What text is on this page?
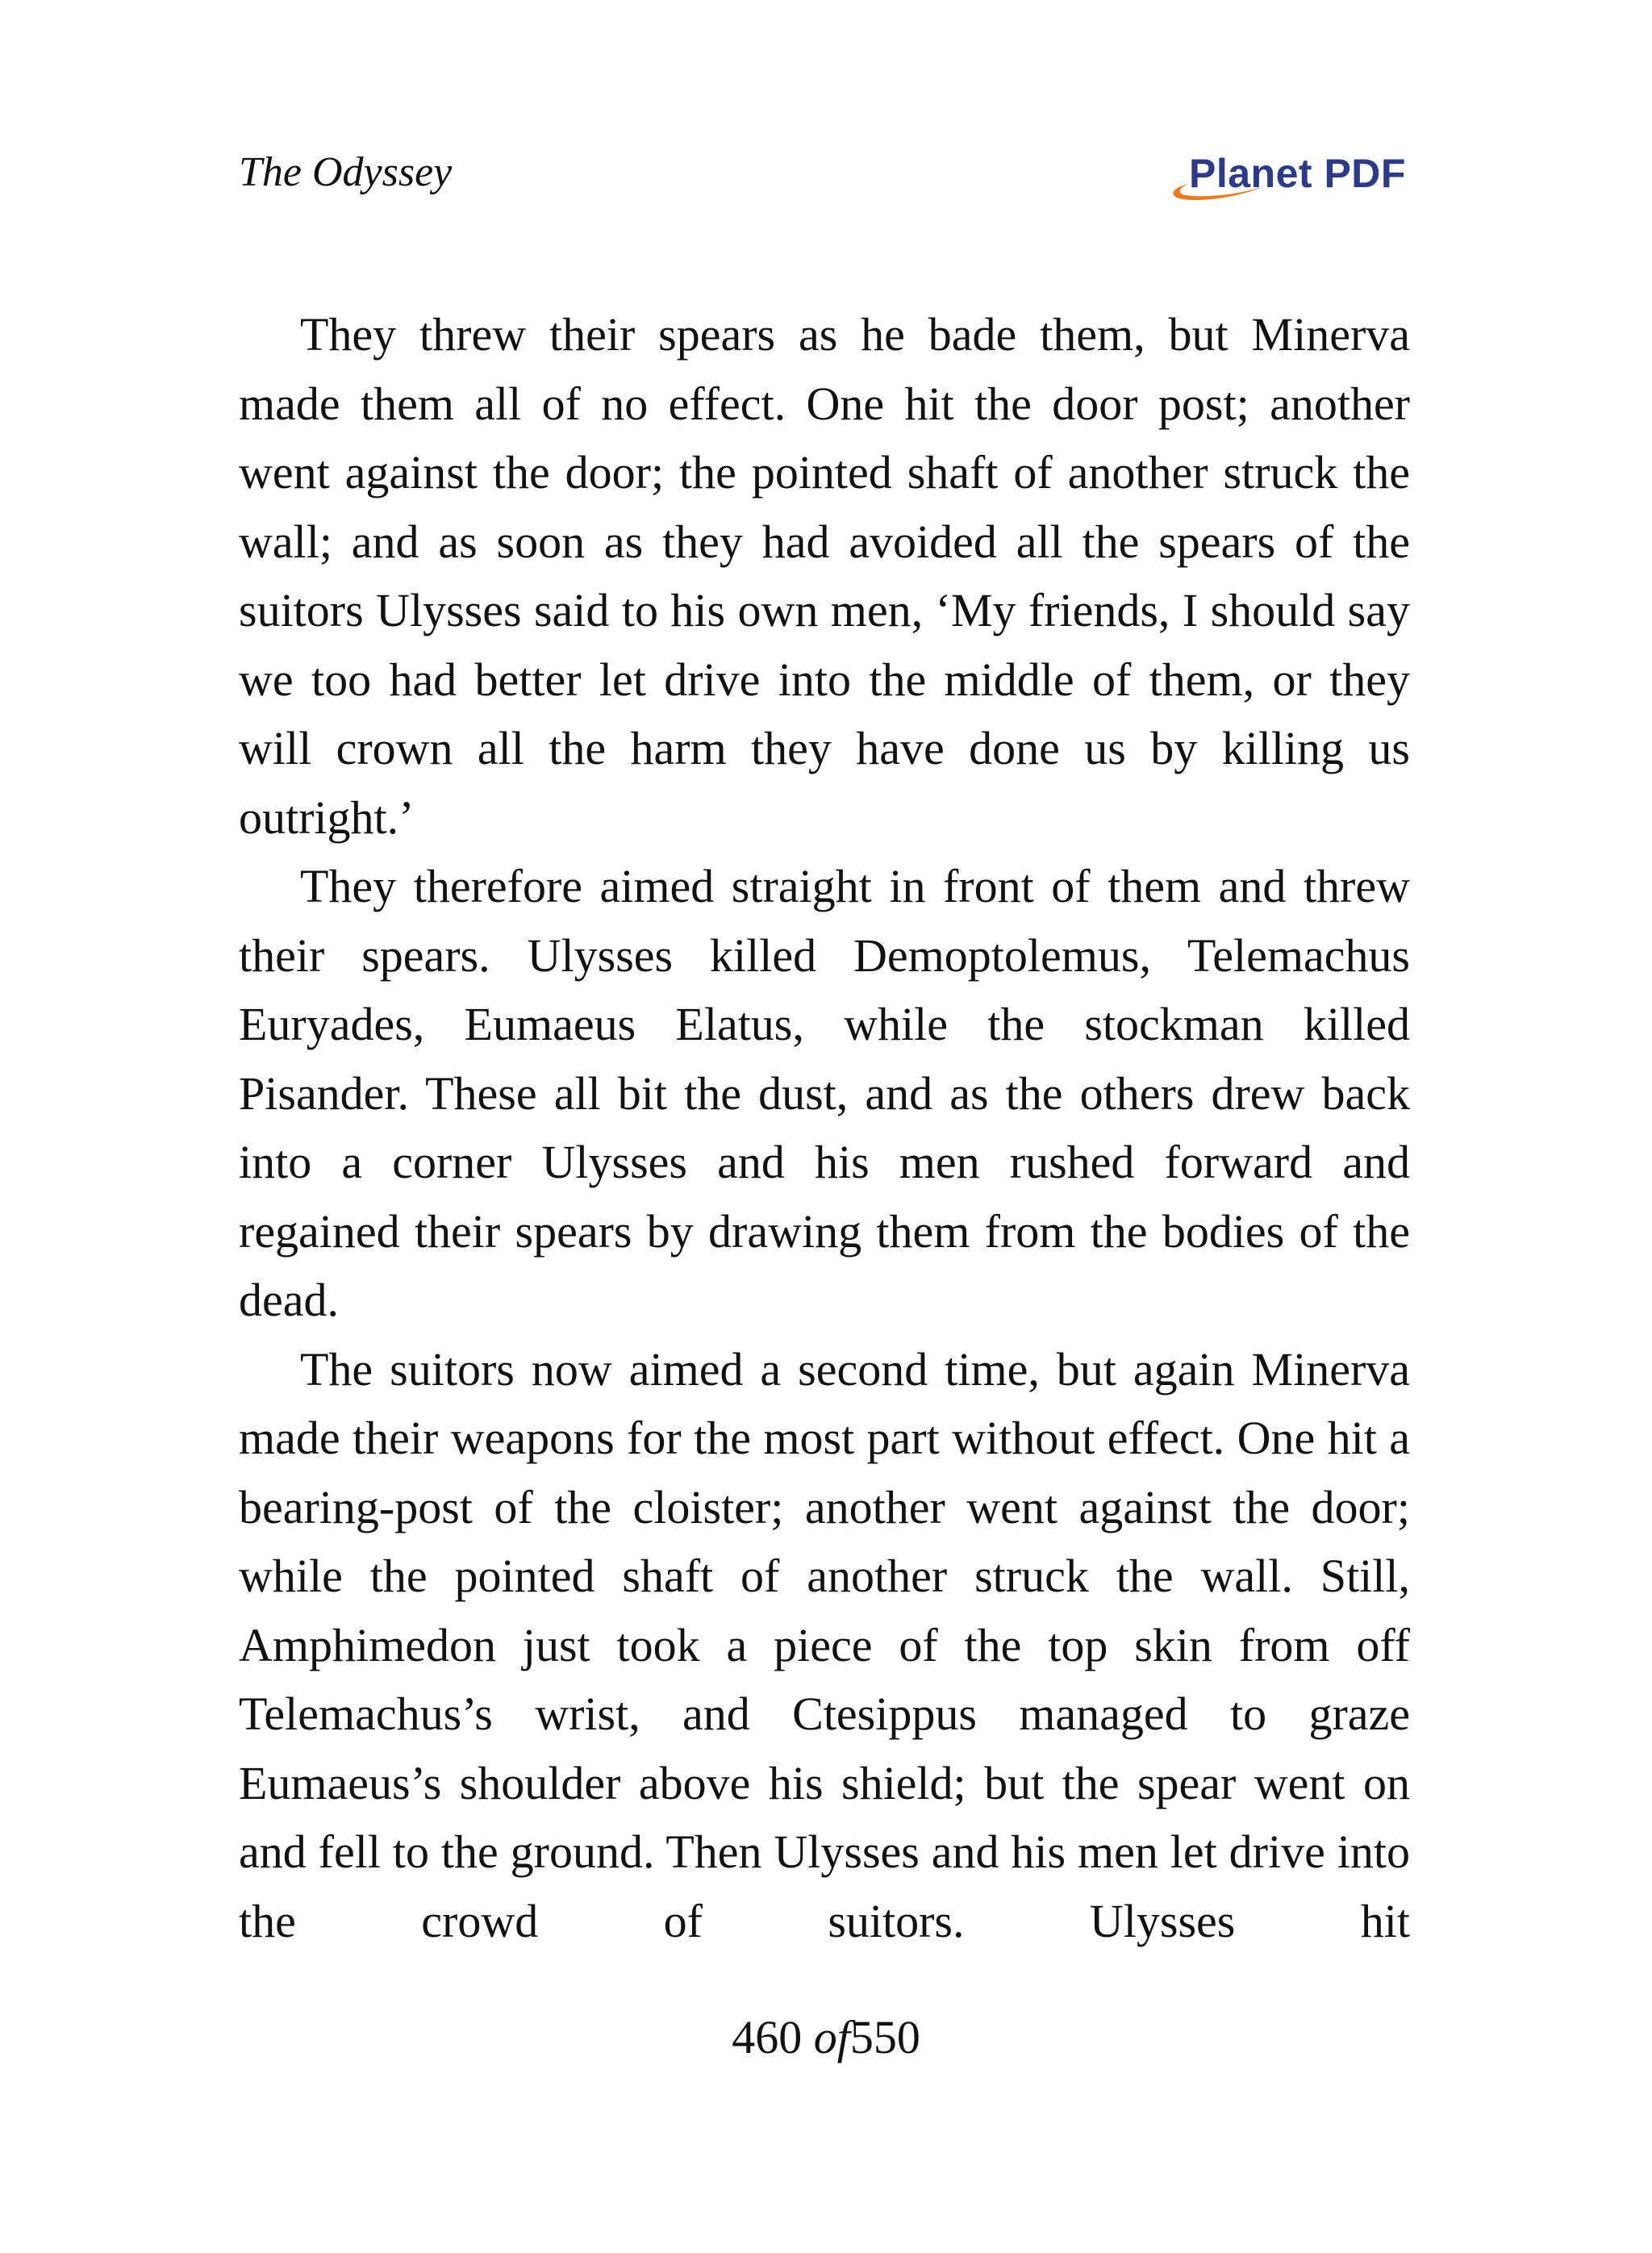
The Odyssey	Planet PDF

They threw their spears as he bade them, but Minerva made them all of no effect. One hit the door post; another went against the door; the pointed shaft of another struck the wall; and as soon as they had avoided all the spears of the suitors Ulysses said to his own men, ‘My friends, I should say we too had better let drive into the middle of them, or they will crown all the harm they have done us by killing us outright.’

They therefore aimed straight in front of them and threw their spears. Ulysses killed Demoptolemus, Telemachus Euryades, Eumaeus Elatus, while the stockman killed Pisander. These all bit the dust, and as the others drew back into a corner Ulysses and his men rushed forward and regained their spears by drawing them from the bodies of the dead.

The suitors now aimed a second time, but again Minerva made their weapons for the most part without effect. One hit a bearing-post of the cloister; another went against the door; while the pointed shaft of another struck the wall. Still, Amphimedon just took a piece of the top skin from off Telemachus’s wrist, and Ctesippus managed to graze Eumaeus’s shoulder above his shield; but the spear went on and fell to the ground. Then Ulysses and his men let drive into the crowd of suitors. Ulysses hit

460 of550
